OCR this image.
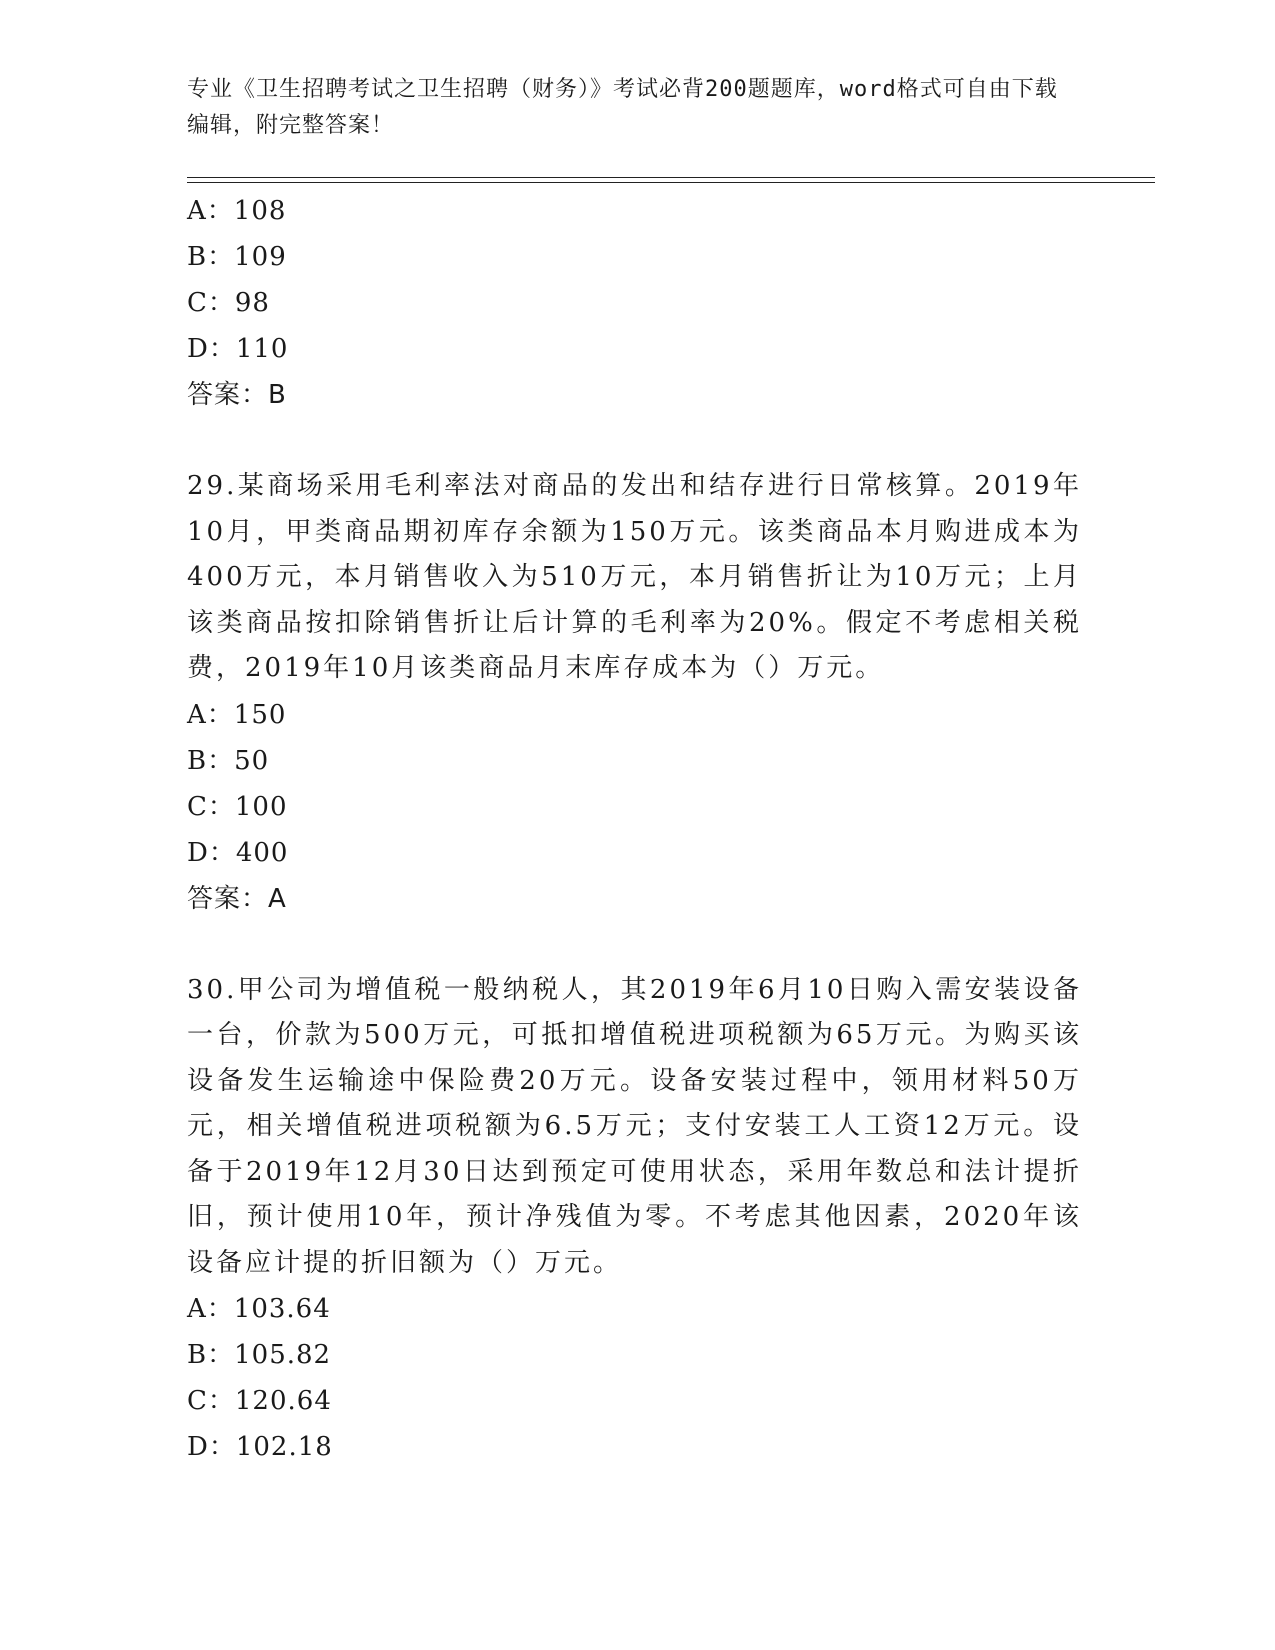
专业《卫生招聘考试之卫生招聘（财务）》考试必背200题题库，word格式可自由下载编辑，附完整答案！
A：108
B：109
C：98
D：110
答案：B
29.某商场采用毛利率法对商品的发出和结存进行日常核算。2019年10月，甲类商品期初库存余额为150万元。该类商品本月购进成本为400万元，本月销售收入为510万元，本月销售折让为10万元；上月该类商品按扣除销售折让后计算的毛利率为20%。假定不考虑相关税费，2019年10月该类商品月末库存成本为（）万元。
A：150
B：50
C：100
D：400
答案：A
30.甲公司为增值税一般纳税人，其2019年6月10日购入需安装设备一台，价款为500万元，可抵扣增值税进项税额为65万元。为购买该设备发生运输途中保险费20万元。设备安装过程中，领用材料50万元，相关增值税进项税额为6.5万元；支付安装工人工资12万元。设备于2019年12月30日达到预定可使用状态，采用年数总和法计提折旧，预计使用10年，预计净残值为零。不考虑其他因素，2020年该设备应计提的折旧额为（）万元。
A：103.64
B：105.82
C：120.64
D：102.18
